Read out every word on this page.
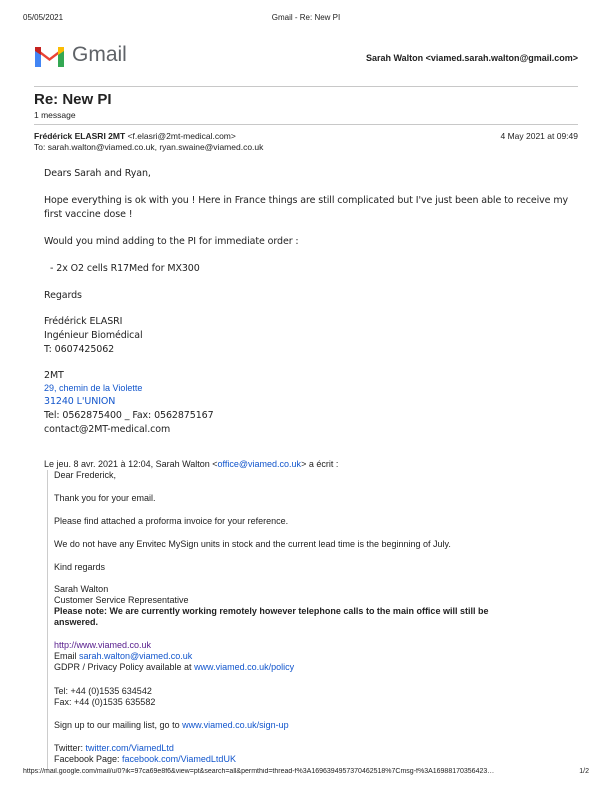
05/05/2021	Gmail - Re: New PI
Gmail	Sarah Walton <viamed.sarah.walton@gmail.com>
Re: New PI
1 message
Frédérick ELASRI 2MT <f.elasri@2mt-medical.com>	4 May 2021 at 09:49
To: sarah.walton@viamed.co.uk, ryan.swaine@viamed.co.uk
Dears Sarah and Ryan,
Hope everything is ok with you ! Here in France things are still complicated but I've just been able to receive my
first vaccine dose !
Would you mind adding to the PI for immediate order :
- 2x O2 cells R17Med for MX300
Regards
Frédérick ELASRI
Ingénieur Biomédical
T: 0607425062
2MT
29, chemin de la Violette
31240 L'UNION
Tel: 0562875400 _ Fax: 0562875167
contact@2MT-medical.com
Le jeu. 8 avr. 2021 à 12:04, Sarah Walton <office@viamed.co.uk> a écrit :
Dear Frederick,
Thank you for your email.
Please find attached a proforma invoice for your reference.
We do not have any Envitec MySign units in stock and the current lead time is the beginning of July.
Kind regards
Sarah Walton
Customer Service Representative
Please note: We are currently working remotely however telephone calls to the main office will still be
answered.
http://www.viamed.co.uk
Email sarah.walton@viamed.co.uk
GDPR / Privacy Policy available at www.viamed.co.uk/policy
Tel: +44 (0)1535 634542
Fax: +44 (0)1535 635582
Sign up to our mailing list, go to www.viamed.co.uk/sign-up
Twitter: twitter.com/ViamedLtd
Facebook Page: facebook.com/ViamedLtdUK
https://mail.google.com/mail/u/0?ik=97ca69e8f6&view=pt&search=all&permthid=thread-f%3A1696394957370462518%7Cmsg-f%3A16988170356423…	1/2
